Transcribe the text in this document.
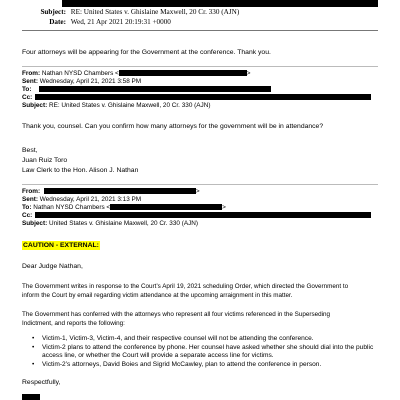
Subject: RE: United States v. Ghislaine Maxwell, 20 Cr. 330 (AJN)
Date: Wed, 21 Apr 2021 20:19:31 +0000
Four attorneys will be appearing for the Government at the conference. Thank you.
From: Nathan NYSD Chambers <	>
Sent: Wednesday, April 21, 2021 3:58 PM
To:
Cc:
Subject: RE: United States v. Ghislaine Maxwell, 20 Cr. 330 (AJN)
Thank you, counsel. Can you confirm how many attorneys for the government will be in attendance?
Best,
Juan Ruiz Toro
Law Clerk to the Hon. Alison J. Nathan
From:	>
Sent: Wednesday, April 21, 2021 3:13 PM
To: Nathan NYSD Chambers <	>
Cc:
Subject: United States v. Ghislaine Maxwell, 20 Cr. 330 (AJN)
CAUTION - EXTERNAL:
Dear Judge Nathan,
The Government writes in response to the Court’s April 19, 2021 scheduling Order, which directed the Government to
inform the Court by email regarding victim attendance at the upcoming arraignment in this matter.
The Government has conferred with the attorneys who represent all four victims referenced in the Superseding
Indictment, and reports the following:
• Victim-1, Victim-3, Victim-4, and their respective counsel will not be attending the conference.
• Victim-2 plans to attend the conference by phone. Her counsel have asked whether she should dial into the public
access line, or whether the Court will provide a separate access line for victims.
• Victim-2’s attorneys, David Boies and Sigrid McCawley, plan to attend the conference in person.
Respectfully,
